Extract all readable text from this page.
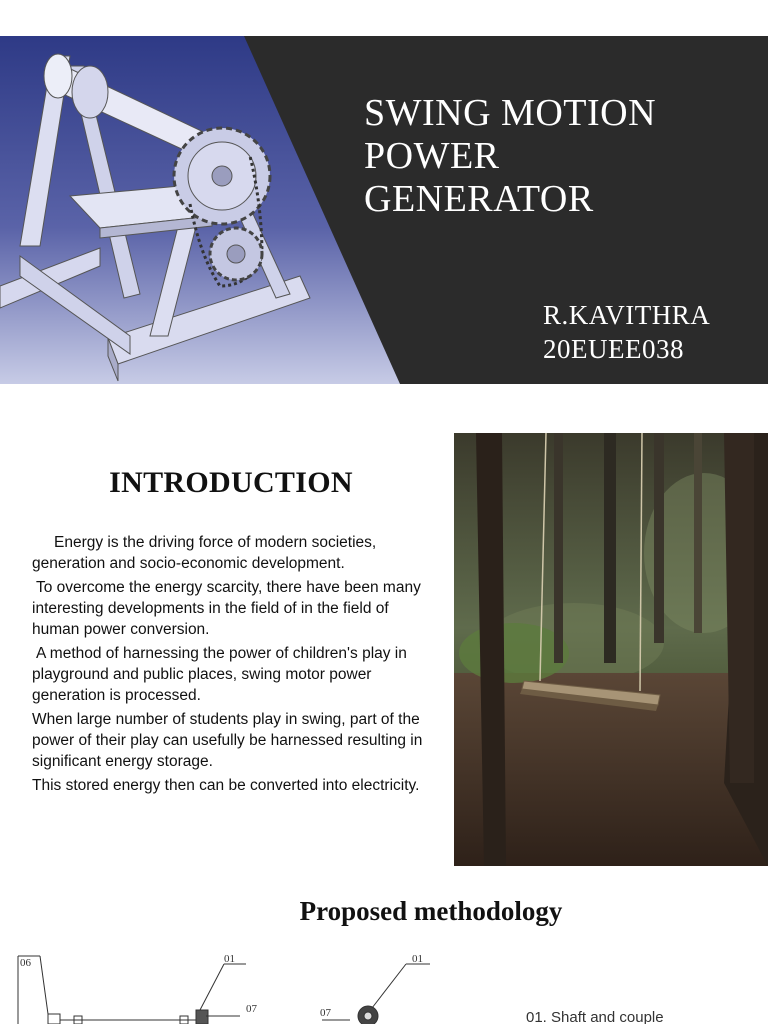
SWING MOTION
POWER
GENERATOR
R.KAVITHRA
20EUEE038
INTRODUCTION
Energy is the driving force of modern societies, generation and socio-economic development.
To overcome the energy scarcity, there have been many interesting developments in the field of in the field of human power conversion.
A method of harnessing the power of children's play in playground and public places, swing motor power generation is processed.
When large number of students play in swing, part of the power of their play can usefully be harnessed resulting in significant energy storage.
This stored energy then can be converted into electricity.
Proposed methodology
06	01
07	07
01
01. Shaft and couple
